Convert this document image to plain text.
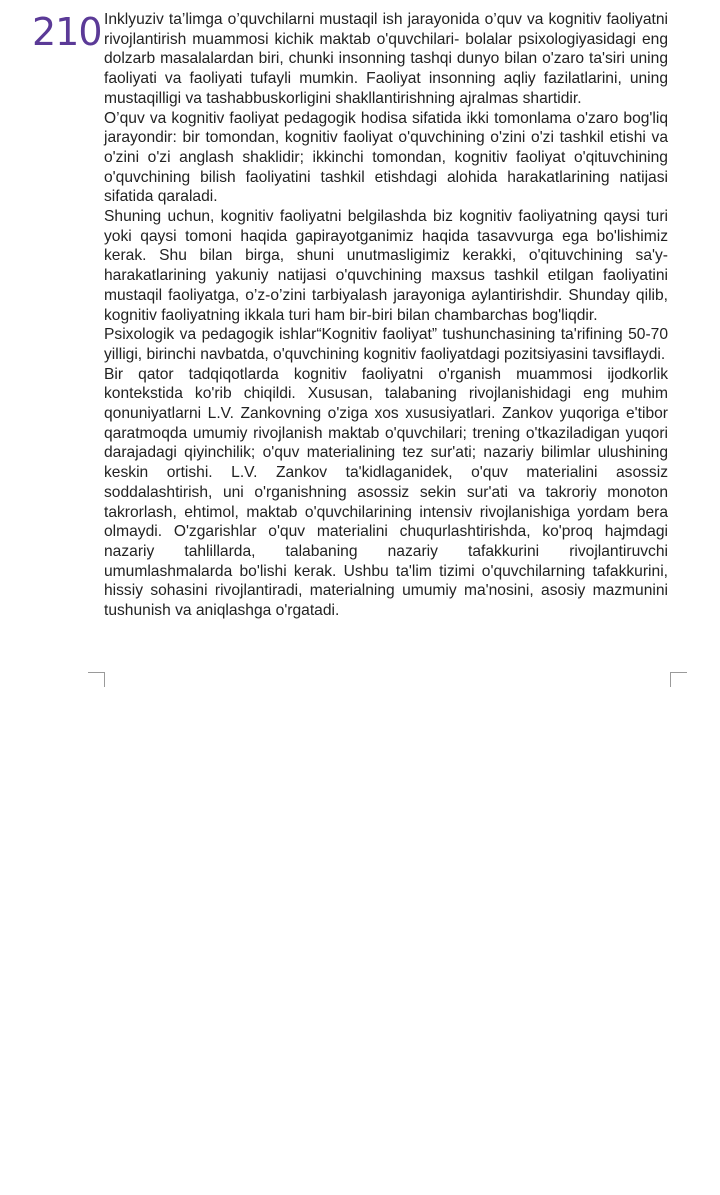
210 Inklyuziv ta’limga o’quvchilarni mustaqil ish jarayonida o’quv va kognitiv faoliyatni rivojlantirish muammosi kichik maktab o'quvchilari- bolalar psixologiyasidagi eng dolzarb masalalardan biri, chunki insonning tashqi dunyo bilan o'zaro ta'siri uning faoliyati va faoliyati tufayli mumkin. Faoliyat insonning aqliy fazilatlarini, uning mustaqilligi va tashabbuskorligini shakllantirishning ajralmas shartidir.

O’quv va kognitiv faoliyat pedagogik hodisa sifatida ikki tomonlama o'zaro bog'liq jarayondir: bir tomondan, kognitiv faoliyat o'quvchining o'zini o'zi tashkil etishi va o'zini o'zi anglash shaklidir; ikkinchi tomondan, kognitiv faoliyat o'qituvchining o'quvchining bilish faoliyatini tashkil etishdagi alohida harakatlarining natijasi sifatida qaraladi.

Shuning uchun, kognitiv faoliyatni belgilashda biz kognitiv faoliyatning qaysi turi yoki qaysi tomoni haqida gapirayotganimiz haqida tasavvurga ega bo'lishimiz kerak. Shu bilan birga, shuni unutmasligimiz kerakki, o'qituvchining sa'y-harakatlarining yakuniy natijasi o'quvchining maxsus tashkil etilgan faoliyatini mustaqil faoliyatga, o’z-o’zini tarbiyalash jarayoniga aylantirishdir. Shunday qilib, kognitiv faoliyatning ikkala turi ham bir-biri bilan chambarchas bog'liqdir.

Psixologik va pedagogik ishlar“Kognitiv faoliyat” tushunchasining ta'rifining 50-70 yilligi, birinchi navbatda, o'quvchining kognitiv faoliyatdagi pozitsiyasini tavsiflaydi.

Bir qator tadqiqotlarda kognitiv faoliyatni o'rganish muammosi ijodkorlik kontekstida ko'rib chiqildi. Xususan, talabaning rivojlanishidagi eng muhim qonuniyatlarni L.V. Zankovning o'ziga xos xususiyatlari. Zankov yuqoriga e'tibor qaratmoqda umumiy rivojlanish maktab o'quvchilari; trening o'tkaziladigan yuqori darajadagi qiyinchilik; o'quv materialining tez sur'ati; nazariy bilimlar ulushining keskin ortishi. L.V. Zankov ta'kidlaganidek, o'quv materialini asossiz soddalashtirish, uni o'rganishning asossiz sekin sur'ati va takroriy monoton takrorlash, ehtimol, maktab o'quvchilarining intensiv rivojlanishiga yordam bera olmaydi. O'zgarishlar o'quv materialini chuqurlashtirishda, ko'proq hajmdagi nazariy tahlillarda, talabaning nazariy tafakkurini rivojlantiruvchi umumlashmalarda bo'lishi kerak. Ushbu ta'lim tizimi o'quvchilarning tafakkurini, hissiy sohasini rivojlantiradi, materialning umumiy ma'nosini, asosiy mazmunini tushunish va aniqlashga o'rgatadi.
